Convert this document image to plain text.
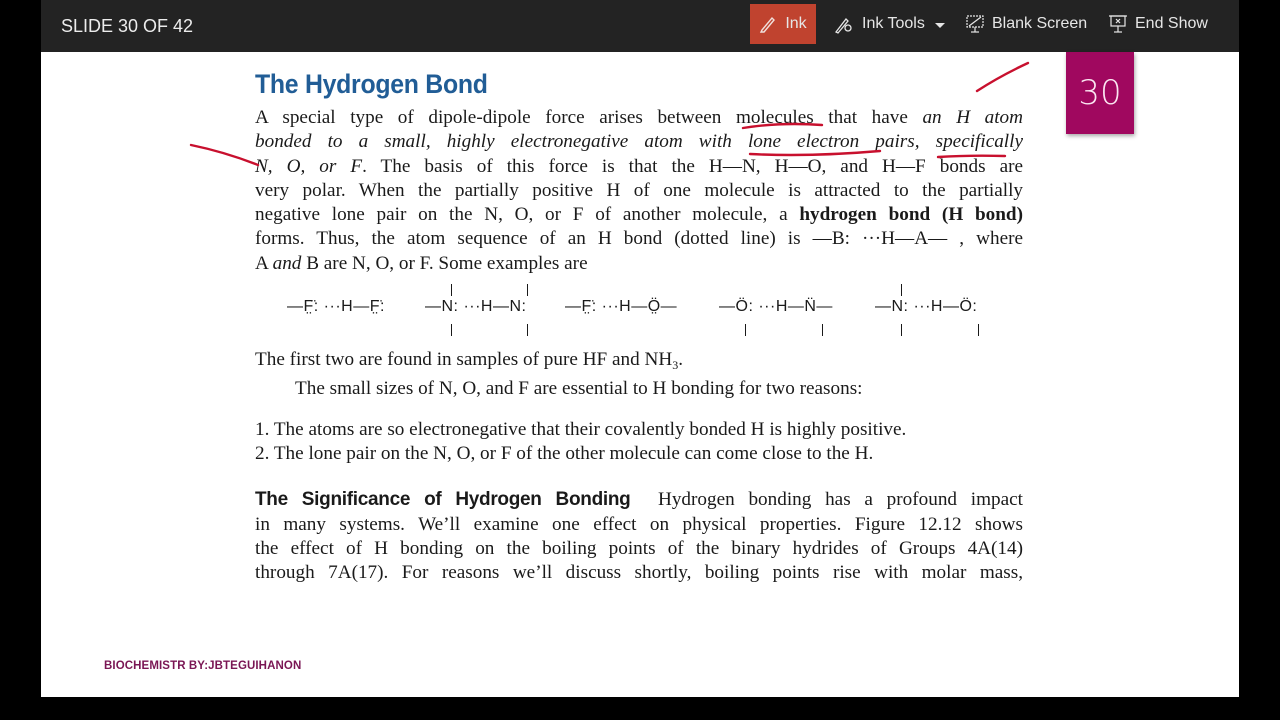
SLIDE 30 OF 42	Ink	Ink Tools	Blank Screen	End Show
30
The Hydrogen Bond
A special type of dipole-dipole force arises between molecules that have an H atom
bonded to a small, highly electronegative atom with lone electron pairs, specifically
N, O, or F. The basis of this force is that the H—N, H—O, and H—F bonds are
very polar. When the partially positive H of one molecule is attracted to the partially
negative lone pair on the N, O, or F of another molecule, a hydrogen bond (H bond)
forms. Thus, the atom sequence of an H bond (dotted line) is —B: ···H—A— , where
A and B are N, O, or F. Some examples are
—F̤̈: ···H—F̤̈:	—N: ···H—N: —F̤̈: ···H—Ö̤—	—Ö: ···H—N̈—	—N: ···H—Ö:
The first two are found in samples of pure HF and $NH_3$.
The small sizes of N, O, and F are essential to H bonding for two reasons:
1. The atoms are so electronegative that their covalently bonded H is highly positive.
2. The lone pair on the N, O, or F of the other molecule can come close to the H.
The Significance of Hydrogen Bonding Hydrogen bonding has a profound impact
in many systems. We’ll examine one effect on physical properties. Figure 12.12 shows
the effect of H bonding on the boiling points of the binary hydrides of Groups 4A(14)
through 7A(17). For reasons we’ll discuss shortly, boiling points rise with molar mass,
BIOCHEMISTR BY:JBTEGUIHANON
